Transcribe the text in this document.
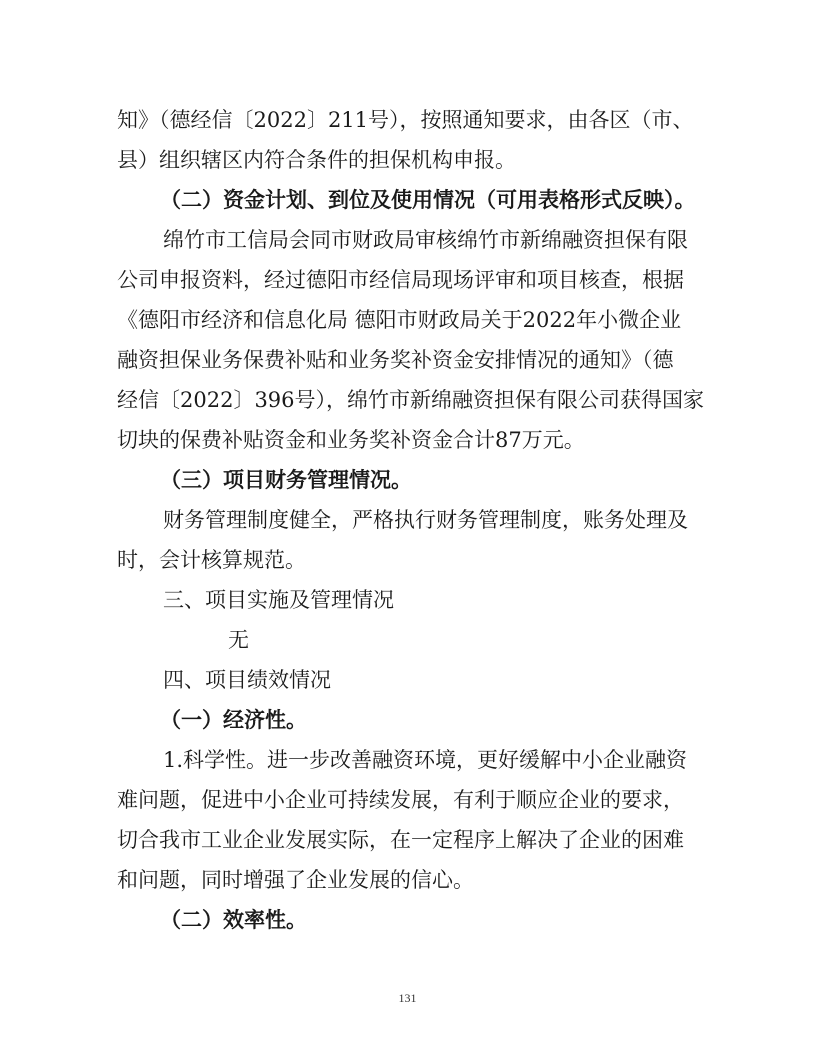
知》（德经信〔2022〕211号），按照通知要求，由各区（市、
县）组织辖区内符合条件的担保机构申报。
（二）资金计划、到位及使用情况（可用表格形式反映）。
绵竹市工信局会同市财政局审核绵竹市新绵融资担保有限
公司申报资料，经过德阳市经信局现场评审和项目核查，根据
《德阳市经济和信息化局 德阳市财政局关于2022年小微企业
融资担保业务保费补贴和业务奖补资金安排情况的通知》（德
经信〔2022〕396号），绵竹市新绵融资担保有限公司获得国家
切块的保费补贴资金和业务奖补资金合计87万元。
（三）项目财务管理情况。
财务管理制度健全，严格执行财务管理制度，账务处理及
时，会计核算规范。
三、项目实施及管理情况
无
四、项目绩效情况
（一）经济性。
1.科学性。进一步改善融资环境，更好缓解中小企业融资
难问题，促进中小企业可持续发展，有利于顺应企业的要求，
切合我市工业企业发展实际，在一定程序上解决了企业的困难
和问题，同时增强了企业发展的信心。
（二）效率性。
131
